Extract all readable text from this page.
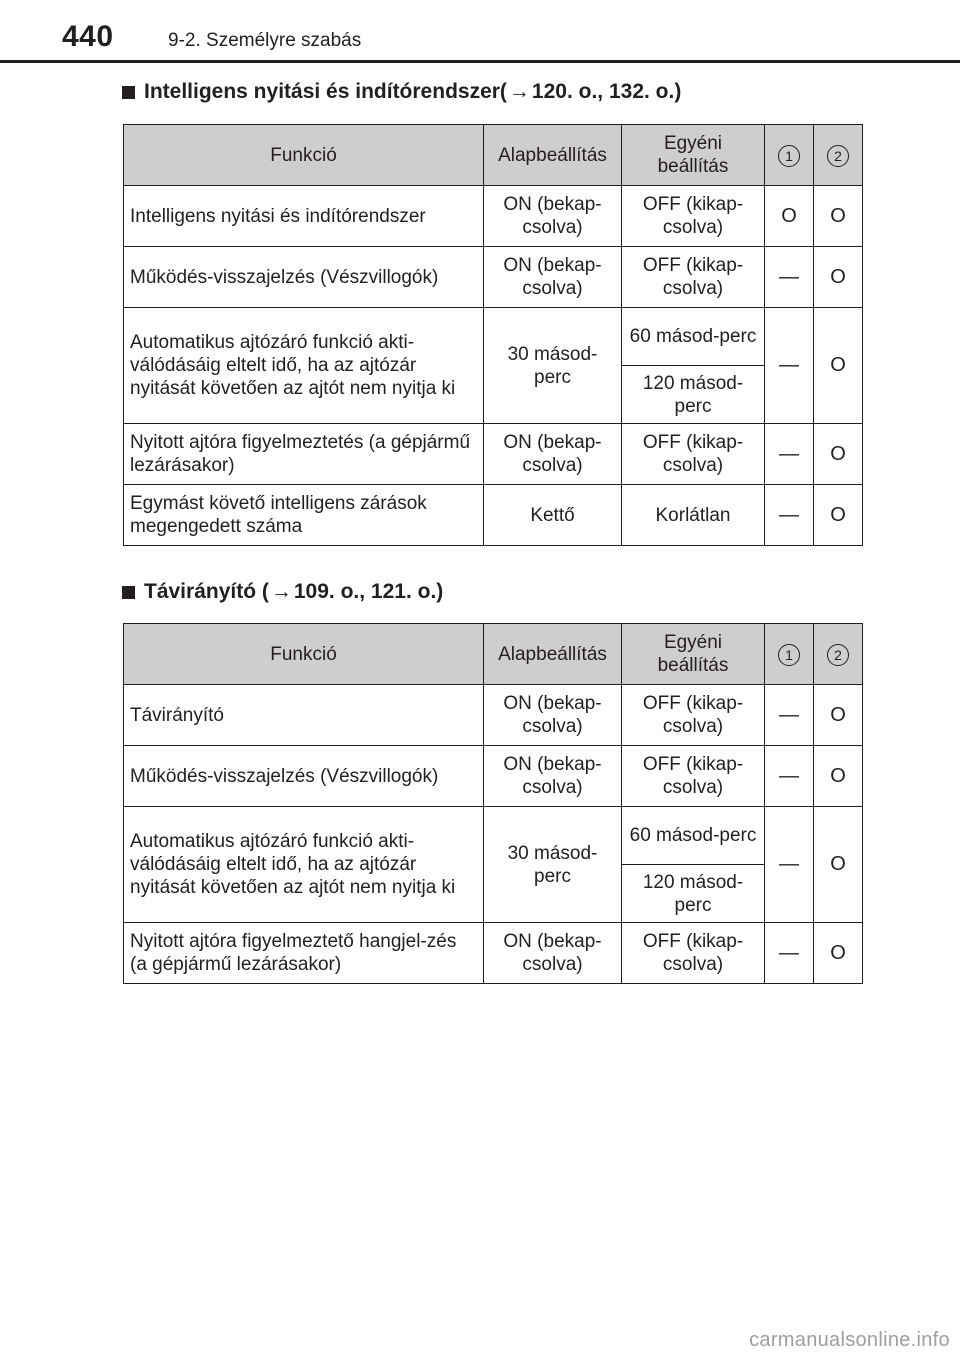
440	9-2. Személyre szabás
Intelligens nyitási és indítórendszer( → 120. o., 132. o.)
Funkció	Alapbeállítás	Egyéni beállítás	1	2
Intelligens nyitási és indítórendszer	ON (bekap-csolva)	OFF (kikap-csolva)	O	O
Működés-visszajelzés (Vészvillogók)	ON (bekap-csolva)	OFF (kikap-csolva)	—	O
Automatikus ajtózáró funkció akti-válódásáig eltelt idő, ha az ajtózár nyitását követően az ajtót nem nyitja ki	30 másod-perc	60 másod-perc	—	O
		120 másod-perc		
Nyitott ajtóra figyelmeztetés (a gépjármű lezárásakor)	ON (bekap-csolva)	OFF (kikap-csolva)	—	O
Egymást követő intelligens zárások megengedett száma	Kettő	Korlátlan	—	O
Távirányító ( → 109. o., 121. o.)
Funkció	Alapbeállítás	Egyéni beállítás	1	2
Távirányító	ON (bekap-csolva)	OFF (kikap-csolva)	—	O
Működés-visszajelzés (Vészvillogók)	ON (bekap-csolva)	OFF (kikap-csolva)	—	O
Automatikus ajtózáró funkció akti-válódásáig eltelt idő, ha az ajtózár nyitását követően az ajtót nem nyitja ki	30 másod-perc	60 másod-perc	—	O
		120 másod-perc		
Nyitott ajtóra figyelmeztető hangjel-zés (a gépjármű lezárásakor)	ON (bekap-csolva)	OFF (kikap-csolva)	—	O
carmanualsonline.info
